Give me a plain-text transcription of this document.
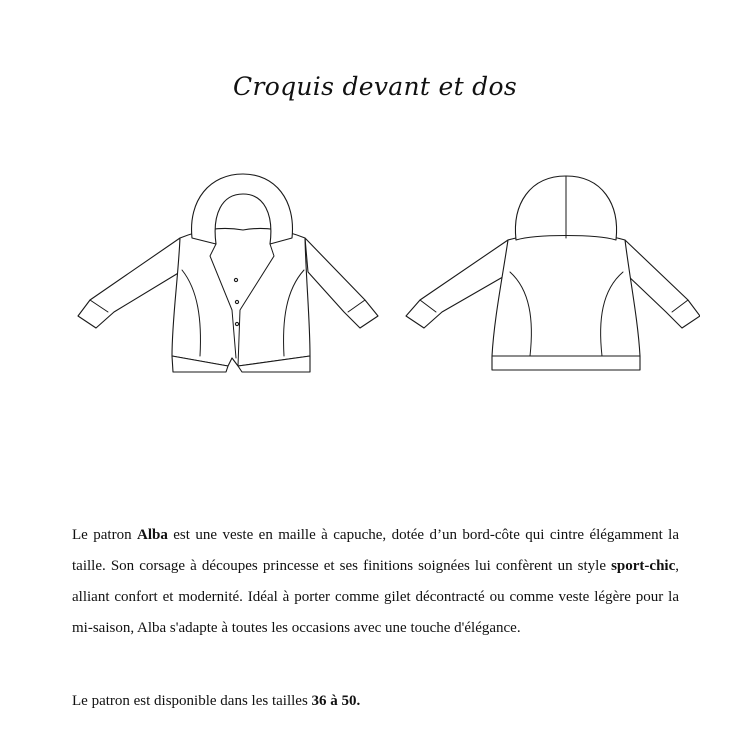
Croquis devant et dos

Le patron Alba est une veste en maille à capuche, dotée d’un bord-côte qui cintre élégamment la taille. Son corsage à découpes princesse et ses finitions soignées lui confèrent un style sport-chic, alliant confort et modernité. Idéal à porter comme gilet décontracté ou comme veste légère pour la mi-saison, Alba s'adapte à toutes les occasions avec une touche d'élégance.

Le patron est disponible dans les tailles 36 à 50.
